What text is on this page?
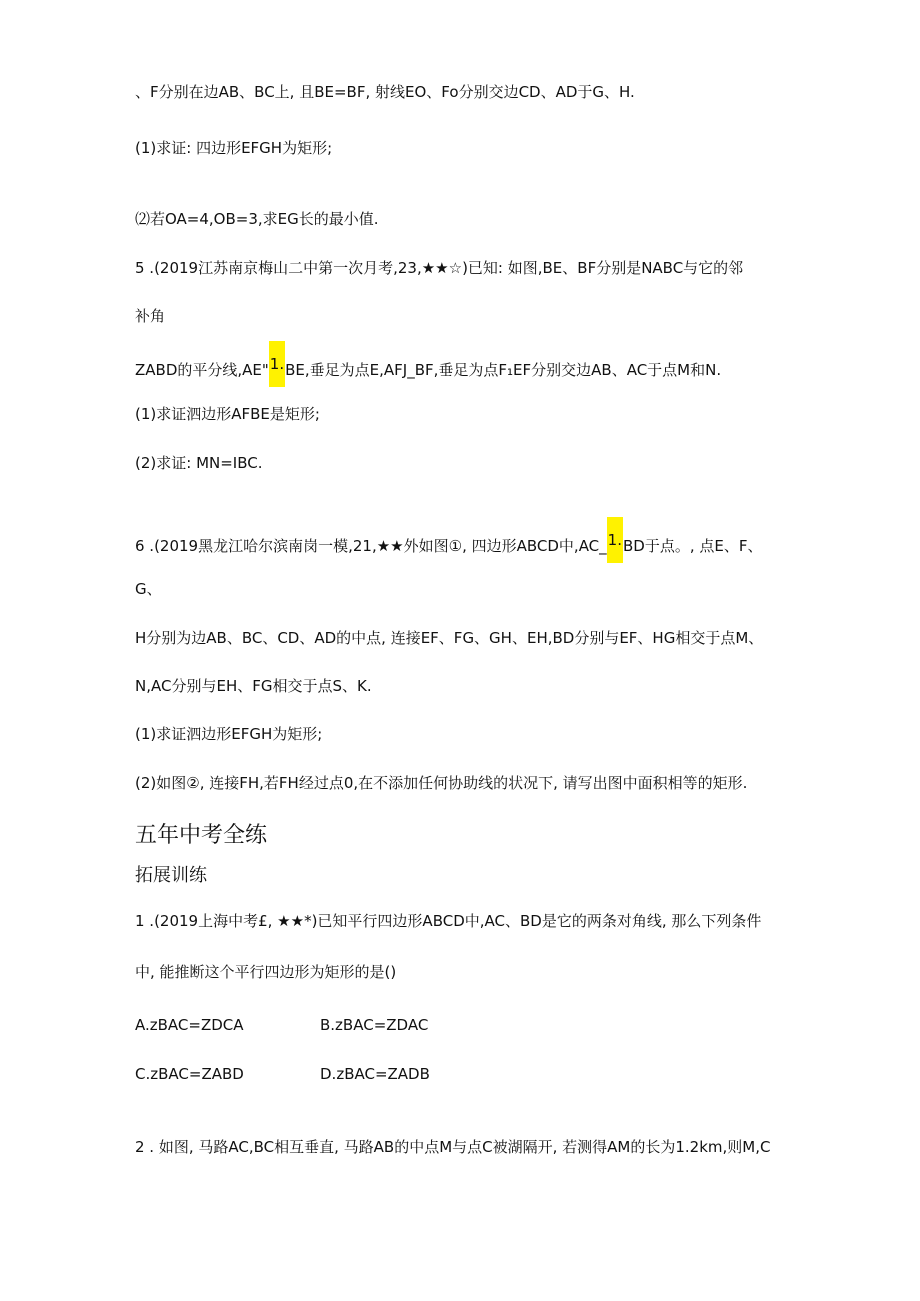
、F分别在边AB、BC上, 且BE=BF, 射线EO、Fo分别交边CD、AD于G、H.
(1)求证: 四边形EFGH为矩形;
⑵若OA=4,OB=3,求EG长的最小值.
5 .(2019江苏南京梅山二中第一次月考,23,★★☆)已知: 如图,BE、BF分别是NABC与它的邻
补角
ZABD的平分线,AE"1.BE,垂足为点E,AFJ_BF,垂足为点F₁EF分别交边AB、AC于点M和N.
(1)求证泗边形AFBE是矩形;
(2)求证: MN=IBC.
6 .(2019黑龙江哈尔滨南岗一模,21,★★外如图①, 四边形ABCD中,AC_1.BD于点。, 点E、F、
G、
H分别为边AB、BC、CD、AD的中点, 连接EF、FG、GH、EH,BD分别与EF、HG相交于点M、
N,AC分别与EH、FG相交于点S、K.
(1)求证泗边形EFGH为矩形;
(2)如图②, 连接FH,若FH经过点0,在不添加任何协助线的状况下, 请写出图中面积相等的矩形.
五年中考全练
拓展训练
1 .(2019上海中考£, ★★*)已知平行四边形ABCD中,AC、BD是它的两条对角线, 那么下列条件
中, 能推断这个平行四边形为矩形的是()
A.zBAC=ZDCA	B.zBAC=ZDAC
C.zBAC=ZABD	D.zBAC=ZADB
2 . 如图, 马路AC,BC相互垂直, 马路AB的中点M与点C被湖隔开, 若测得AM的长为1.2km,则M,C
